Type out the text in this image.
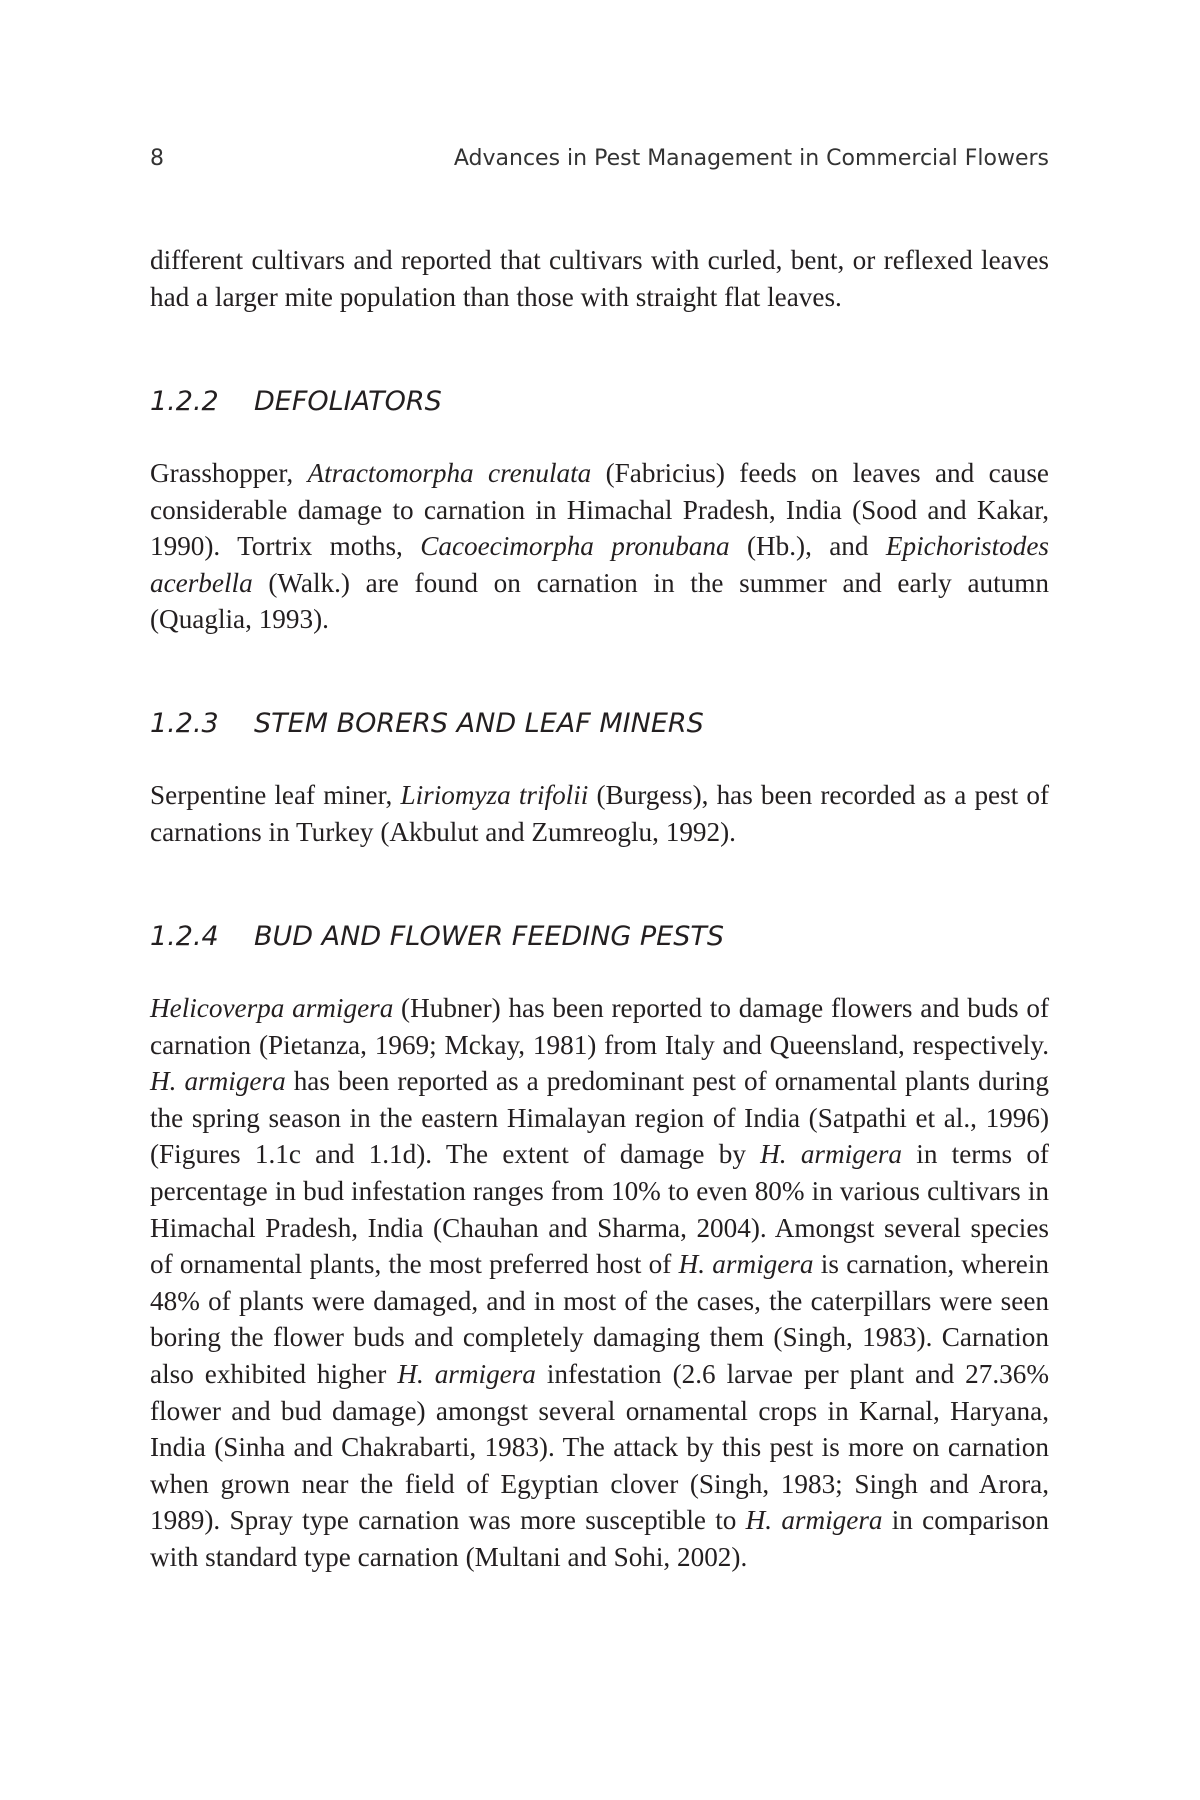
8	Advances in Pest Management in Commercial Flowers

different cultivars and reported that cultivars with curled, bent, or reflexed leaves had a larger mite population than those with straight flat leaves.

1.2.2 DEFOLIATORS

Grasshopper, Atractomorpha crenulata (Fabricius) feeds on leaves and cause considerable damage to carnation in Himachal Pradesh, India (Sood and Kakar, 1990). Tortrix moths, Cacoecimorpha pronubana (Hb.), and Epichoristodes acerbella (Walk.) are found on carnation in the summer and early autumn (Quaglia, 1993).

1.2.3 STEM BORERS AND LEAF MINERS

Serpentine leaf miner, Liriomyza trifolii (Burgess), has been recorded as a pest of carnations in Turkey (Akbulut and Zumreoglu, 1992).

1.2.4 BUD AND FLOWER FEEDING PESTS

Helicoverpa armigera (Hubner) has been reported to damage flowers and buds of carnation (Pietanza, 1969; Mckay, 1981) from Italy and Queensland, respectively. H. armigera has been reported as a predominant pest of ornamental plants during the spring season in the eastern Himalayan region of India (Satpathi et al., 1996) (Figures 1.1c and 1.1d). The extent of damage by H. armigera in terms of percentage in bud infestation ranges from 10% to even 80% in various cultivars in Himachal Pradesh, India (Chauhan and Sharma, 2004). Amongst several species of ornamental plants, the most preferred host of H. armigera is carnation, wherein 48% of plants were damaged, and in most of the cases, the caterpillars were seen boring the flower buds and completely damaging them (Singh, 1983). Carnation also exhibited higher H. armigera infestation (2.6 larvae per plant and 27.36% flower and bud damage) amongst several ornamental crops in Karnal, Haryana, India (Sinha and Chakrabarti, 1983). The attack by this pest is more on carnation when grown near the field of Egyptian clover (Singh, 1983; Singh and Arora, 1989). Spray type carnation was more susceptible to H. armigera in comparison with standard type carnation (Multani and Sohi, 2002).
